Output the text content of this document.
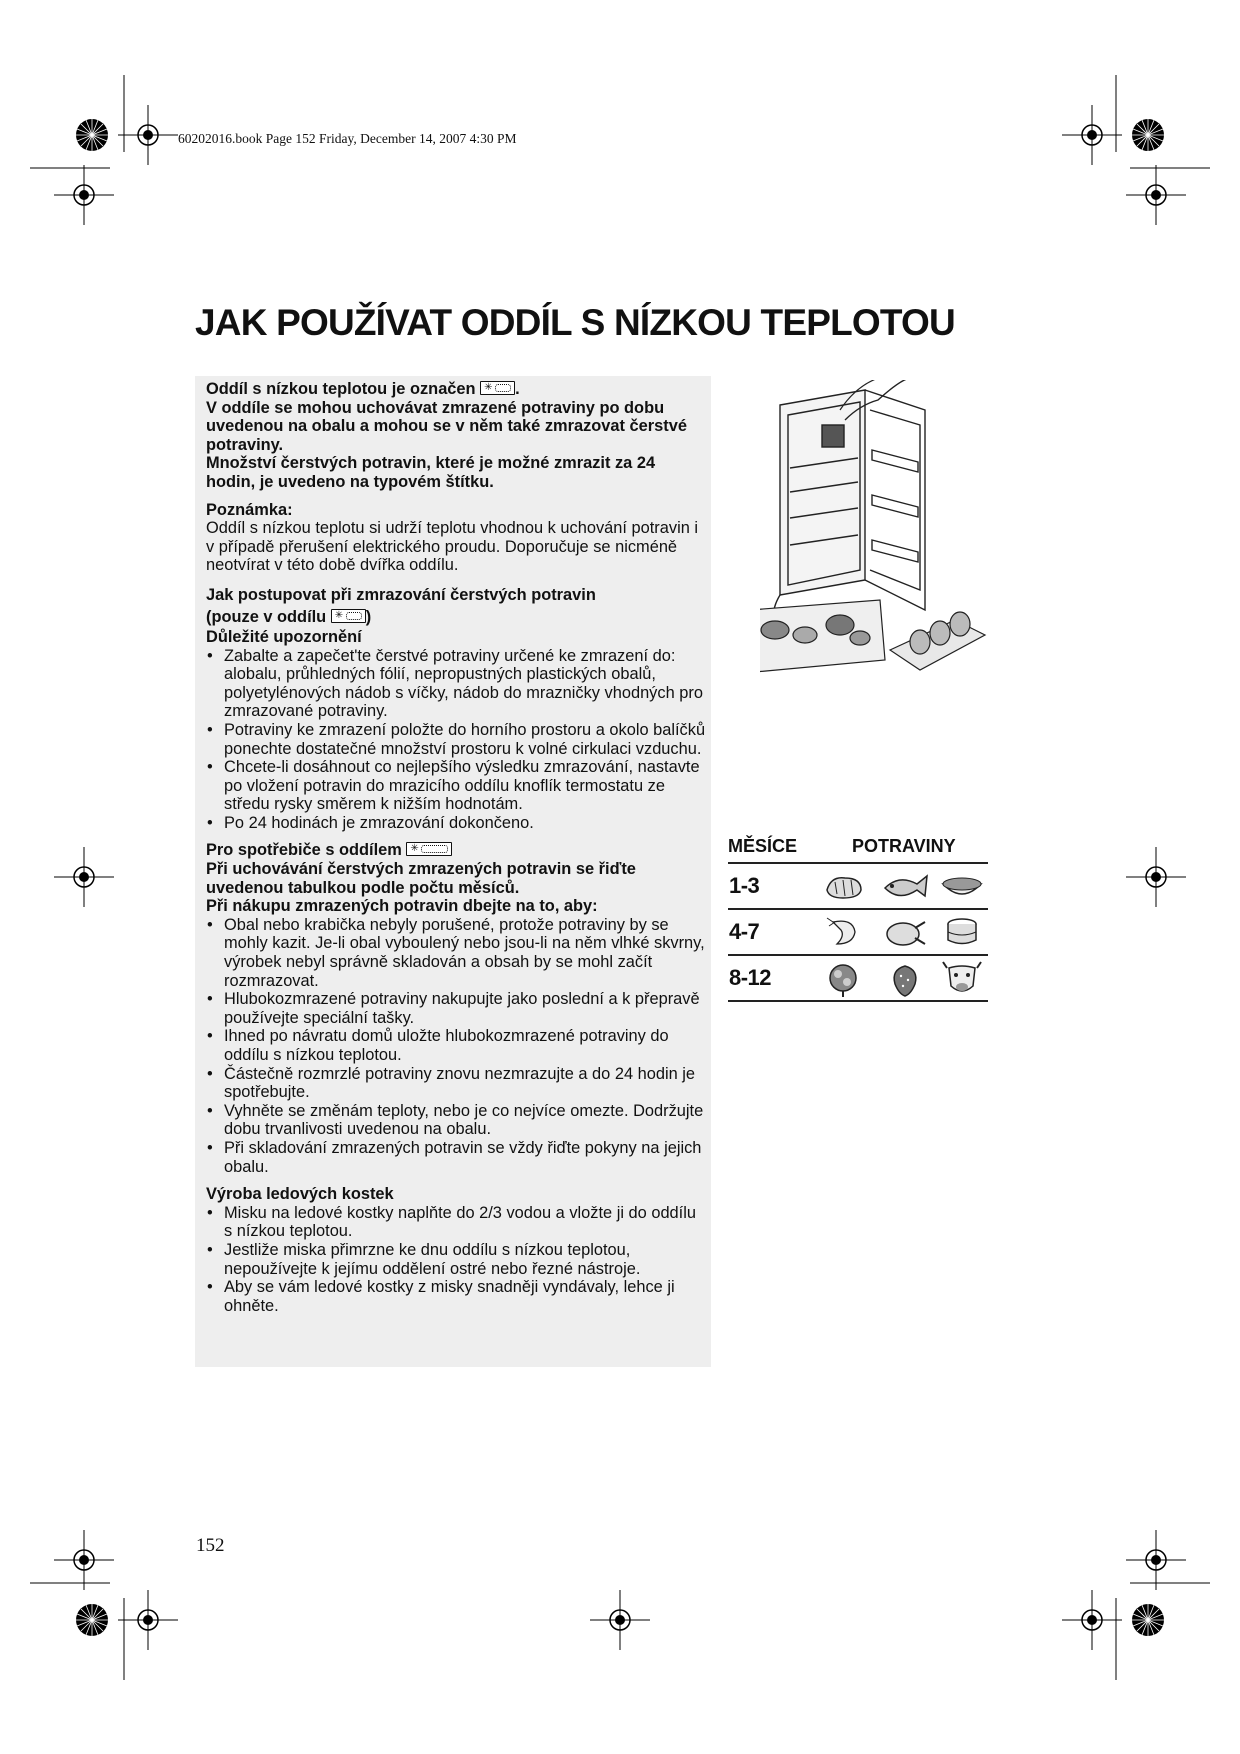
60202016.book Page 152 Friday, December 14, 2007 4:30 PM
JAK POUŽÍVAT ODDÍL S NÍZKOU TEPLOTOU

Oddíl s nízkou teplotou je označen ✳ .

V oddíle se mohou uchovávat zmrazené potraviny po dobu uvedenou na obalu a mohou se v něm také zmrazovat čerstvé potraviny.

Množství čerstvých potravin, které je možné zmrazit za 24 hodin, je uvedeno na typovém štítku.

Poznámka:

Oddíl s nízkou teplotu si udrží teplotu vhodnou k uchování potravin i v případě přerušení elektrického proudu. Doporučuje se nicméně neotvírat v této době dvířka oddílu.

Jak postupovat při zmrazování čerstvých potravin

(pouze v oddílu ✳ )

Důležité upozornění

• Zabalte a zapečet'te čerstvé potraviny určené ke zmrazení do:

alobalu, průhledných fólií, nepropustných plastických obalů, polyetylénových nádob s víčky, nádob do mrazničky vhodných pro zmrazované potraviny.

• Potraviny ke zmrazení položte do horního prostoru a okolo balíčků ponechte dostatečné množství prostoru k volné cirkulaci vzduchu.

• Chcete-li dosáhnout co nejlepšího výsledku zmrazování, nastavte po vložení potravin do mrazicího oddílu knoflík termostatu ze středu rysky směrem k nižším hodnotám.

• Po 24 hodinách je zmrazování dokončeno.

Pro spotřebiče s oddílem ✳

Při uchovávání čerstvých zmrazených potravin se řiďte uvedenou tabulkou podle počtu měsíců.

Při nákupu zmrazených potravin dbejte na to, aby:

• Obal nebo krabička nebyly porušené, protože potraviny by se mohly kazit. Je-li obal vyboulený nebo jsou-li na něm vlhké skvrny, výrobek nebyl správně skladován a obsah by se mohl začít rozmrazovat.

• Hlubokozmrazené potraviny nakupujte jako poslední a k přepravě používejte speciální tašky.

• Ihned po návratu domů uložte hlubokozmrazené potraviny do oddílu s nízkou teplotou.

• Částečně rozmrzlé potraviny znovu nezmrazujte a do 24 hodin je spotřebujte.

• Vyhněte se změnám teploty, nebo je co nejvíce omezte. Dodržujte dobu trvanlivosti uvedenou na obalu.

• Při skladování zmrazených potravin se vždy řiďte pokyny na jejich obalu.

Výroba ledových kostek

• Misku na ledové kostky naplňte do 2/3 vodou a vložte ji do oddílu s nízkou teplotou.

• Jestliže miska přimrzne ke dnu oddílu s nízkou teplotou, nepoužívejte k jejímu oddělení ostré nebo řezné nástroje.

• Aby se vám ledové kostky z misky snadněji vyndávaly, lehce ji ohněte.

MĚSÍCE	POTRAVINY
1-3
4-7
8-12
152
